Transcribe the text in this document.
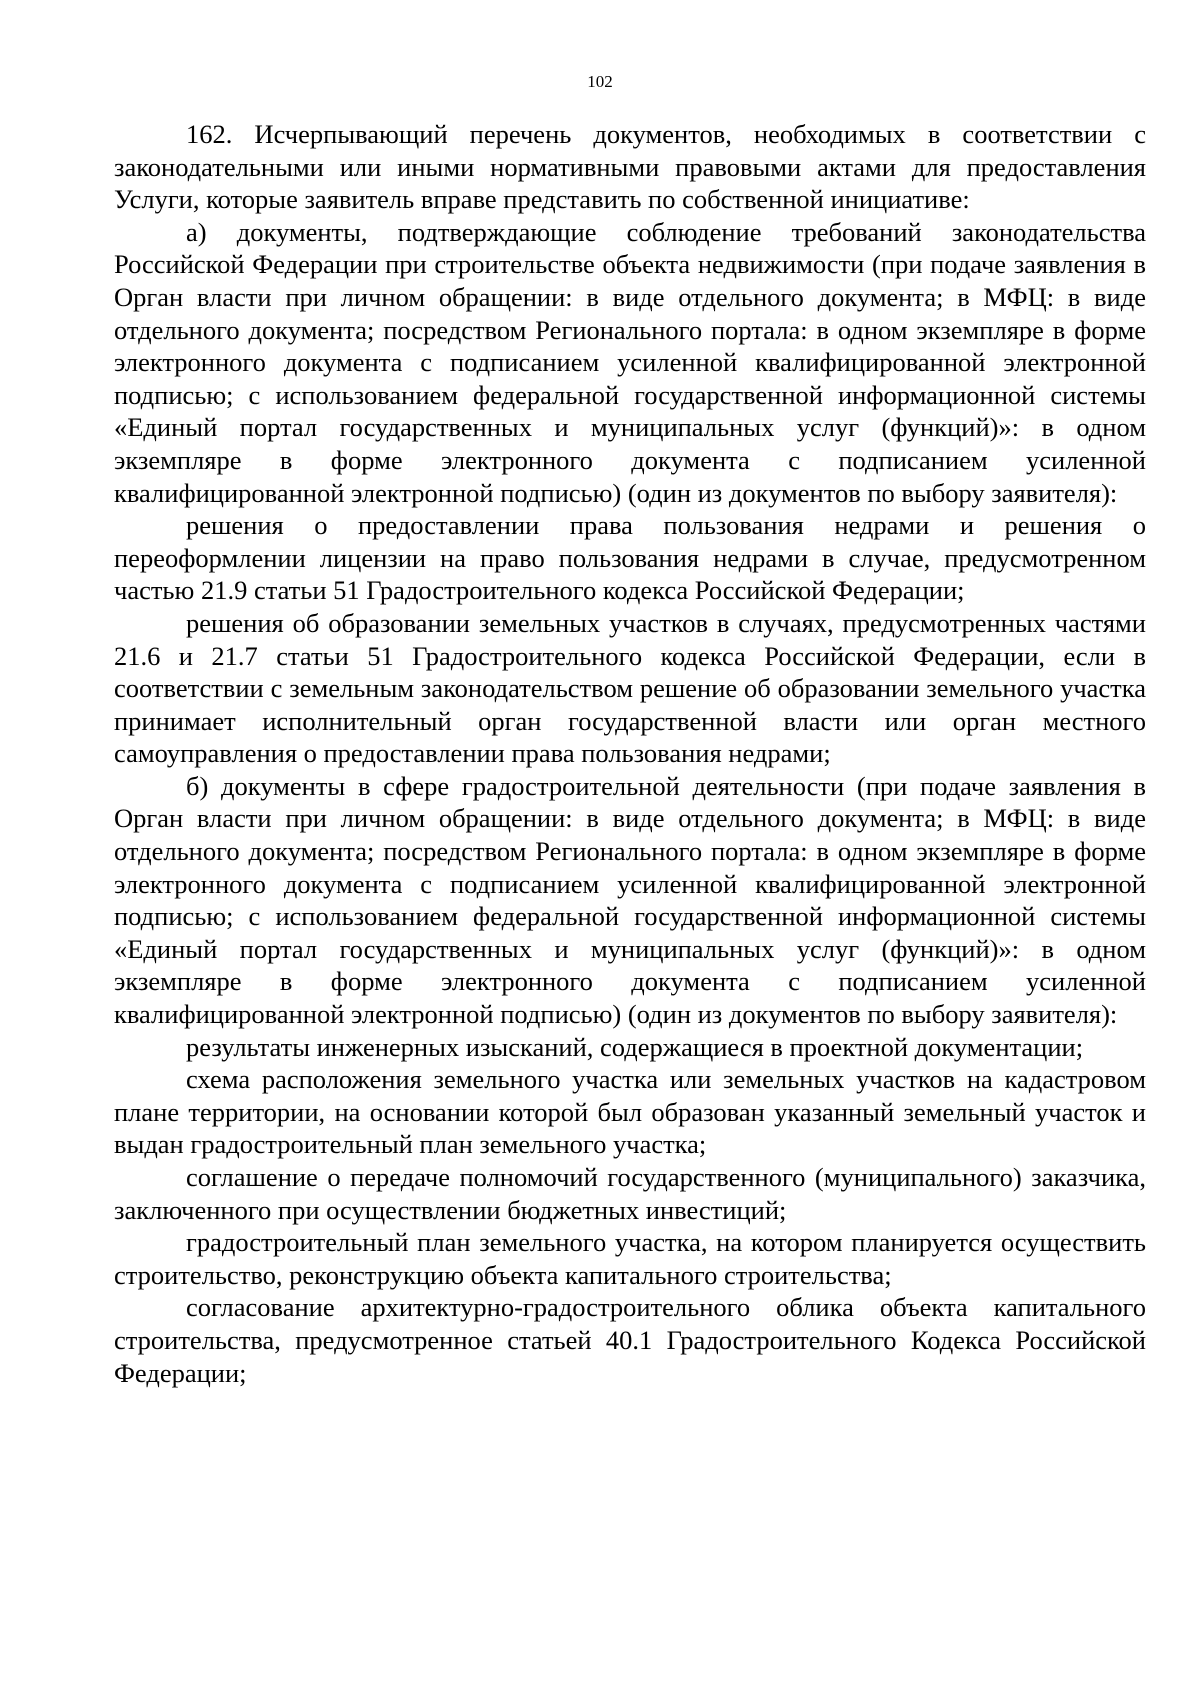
102

162. Исчерпывающий перечень документов, необходимых в соответствии с законодательными или иными нормативными правовыми актами для предоставления Услуги, которые заявитель вправе представить по собственной инициативе:

а) документы, подтверждающие соблюдение требований законодательства Российской Федерации при строительстве объекта недвижимости (при подаче заявления в Орган власти при личном обращении: в виде отдельного документа; в МФЦ: в виде отдельного документа; посредством Регионального портала: в одном экземпляре в форме электронного документа с подписанием усиленной квалифицированной электронной подписью; с использованием федеральной государственной информационной системы «Единый портал государственных и муниципальных услуг (функций)»: в одном экземпляре в форме электронного документа с подписанием усиленной квалифицированной электронной подписью) (один из документов по выбору заявителя):

решения о предоставлении права пользования недрами и решения о переоформлении лицензии на право пользования недрами в случае, предусмотренном частью 21.9 статьи 51 Градостроительного кодекса Российской Федерации;

решения об образовании земельных участков в случаях, предусмотренных частями 21.6 и 21.7 статьи 51 Градостроительного кодекса Российской Федерации, если в соответствии с земельным законодательством решение об образовании земельного участка принимает исполнительный орган государственной власти или орган местного самоуправления о предоставлении права пользования недрами;

б) документы в сфере градостроительной деятельности (при подаче заявления в Орган власти при личном обращении: в виде отдельного документа; в МФЦ: в виде отдельного документа; посредством Регионального портала: в одном экземпляре в форме электронного документа с подписанием усиленной квалифицированной электронной подписью; с использованием федеральной государственной информационной системы «Единый портал государственных и муниципальных услуг (функций)»: в одном экземпляре в форме электронного документа с подписанием усиленной квалифицированной электронной подписью) (один из документов по выбору заявителя):

результаты инженерных изысканий, содержащиеся в проектной документации;

схема расположения земельного участка или земельных участков на кадастровом плане территории, на основании которой был образован указанный земельный участок и выдан градостроительный план земельного участка;

соглашение о передаче полномочий государственного (муниципального) заказчика, заключенного при осуществлении бюджетных инвестиций;

градостроительный план земельного участка, на котором планируется осуществить строительство, реконструкцию объекта капитального строительства;

согласование архитектурно-градостроительного облика объекта капитального строительства, предусмотренное статьей 40.1 Градостроительного Кодекса Российской Федерации;
